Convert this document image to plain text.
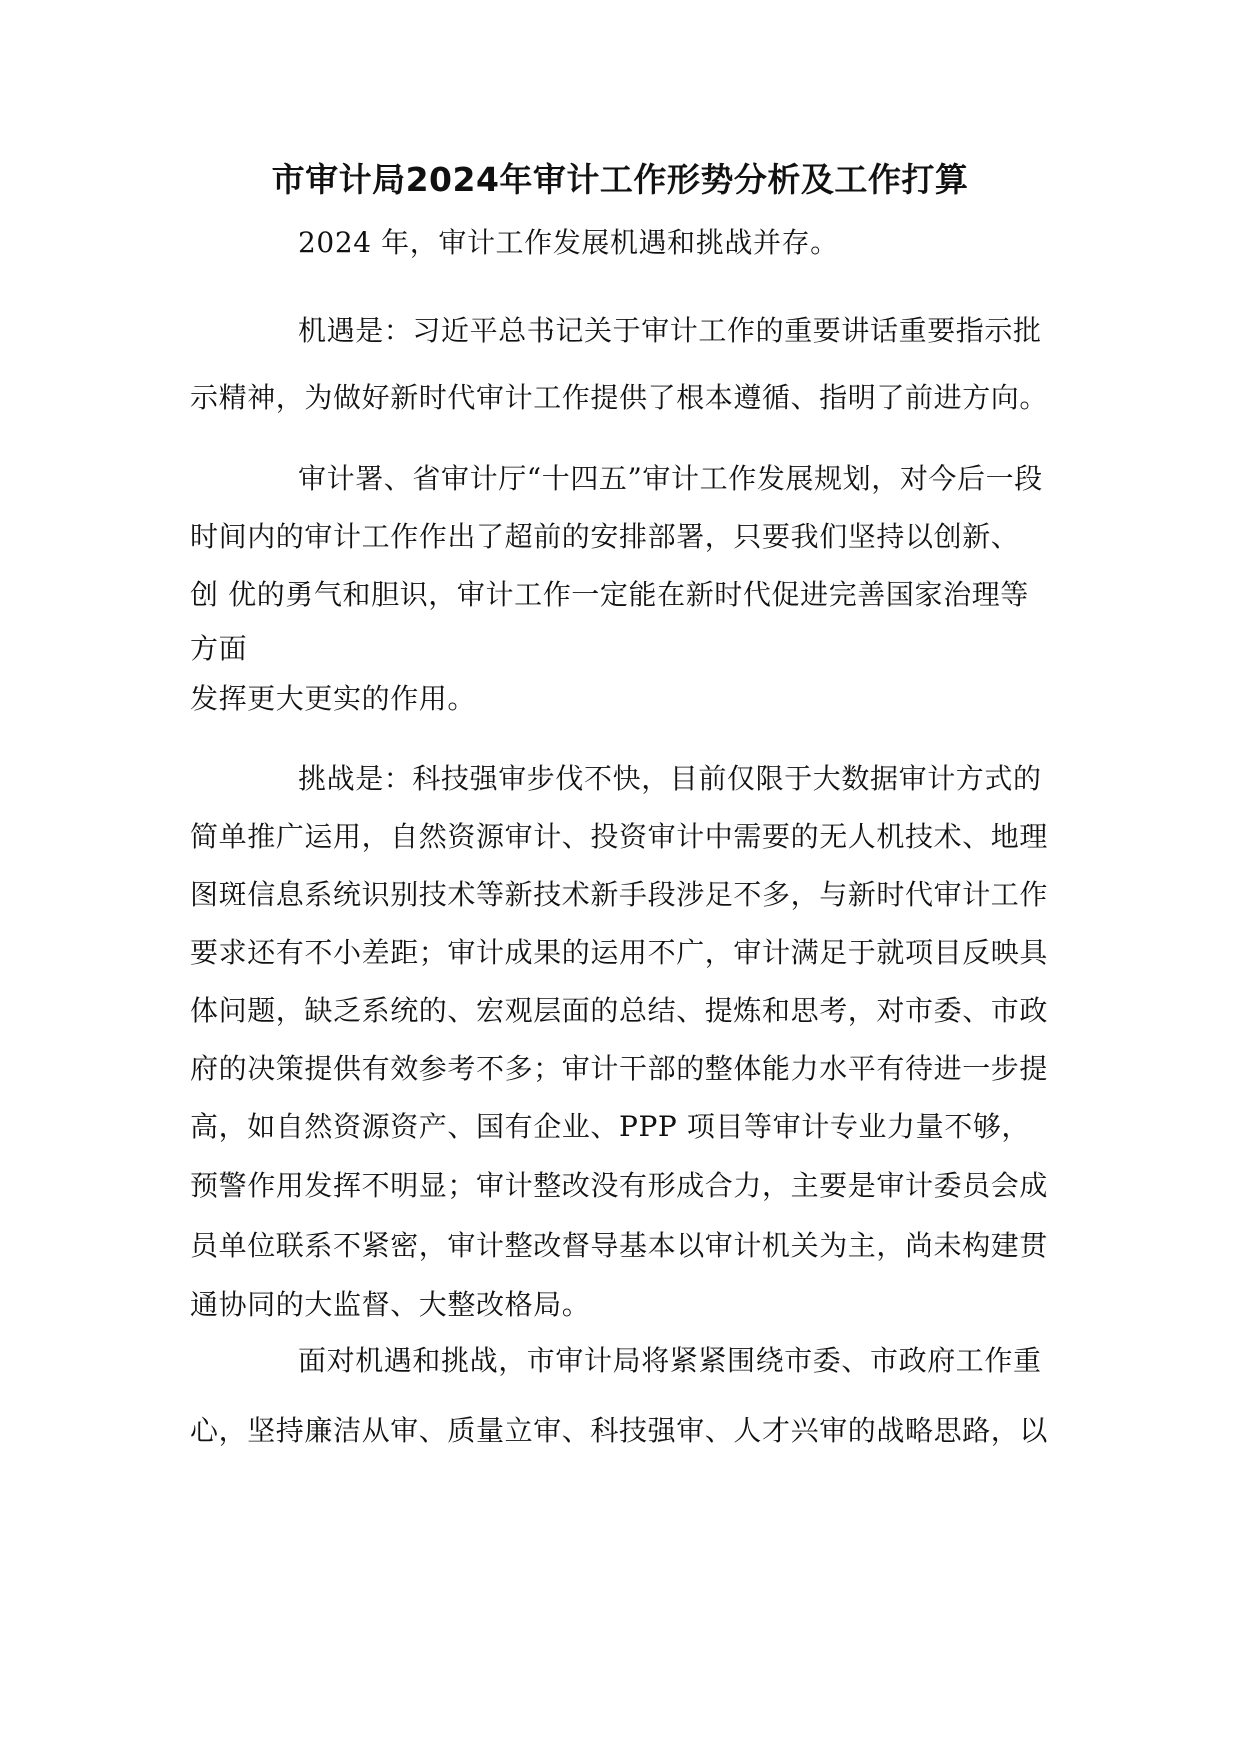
市审计局2024年审计工作形势分析及工作打算
2024 年，审计工作发展机遇和挑战并存。
机遇是：习近平总书记关于审计工作的重要讲话重要指示批
示精神，为做好新时代审计工作提供了根本遵循、指明了前进方向。
审计署、省审计厅“十四五”审计工作发展规划，对今后一段
时间内的审计工作作出了超前的安排部署，只要我们坚持以创新、
创 优的勇气和胆识，审计工作一定能在新时代促进完善国家治理等
方面
发挥更大更实的作用。
挑战是：科技强审步伐不快，目前仅限于大数据审计方式的
简单推广运用，自然资源审计、投资审计中需要的无人机技术、地理
图斑信息系统识别技术等新技术新手段涉足不多，与新时代审计工作
要求还有不小差距；审计成果的运用不广，审计满足于就项目反映具
体问题，缺乏系统的、宏观层面的总结、提炼和思考，对市委、市政
府的决策提供有效参考不多；审计干部的整体能力水平有待进一步提
高，如自然资源资产、国有企业、PPP 项目等审计专业力量不够，
预警作用发挥不明显；审计整改没有形成合力，主要是审计委员会成
员单位联系不紧密，审计整改督导基本以审计机关为主，尚未构建贯
通协同的大监督、大整改格局。
面对机遇和挑战，市审计局将紧紧围绕市委、市政府工作重
心，坚持廉洁从审、质量立审、科技强审、人才兴审的战略思路，以
